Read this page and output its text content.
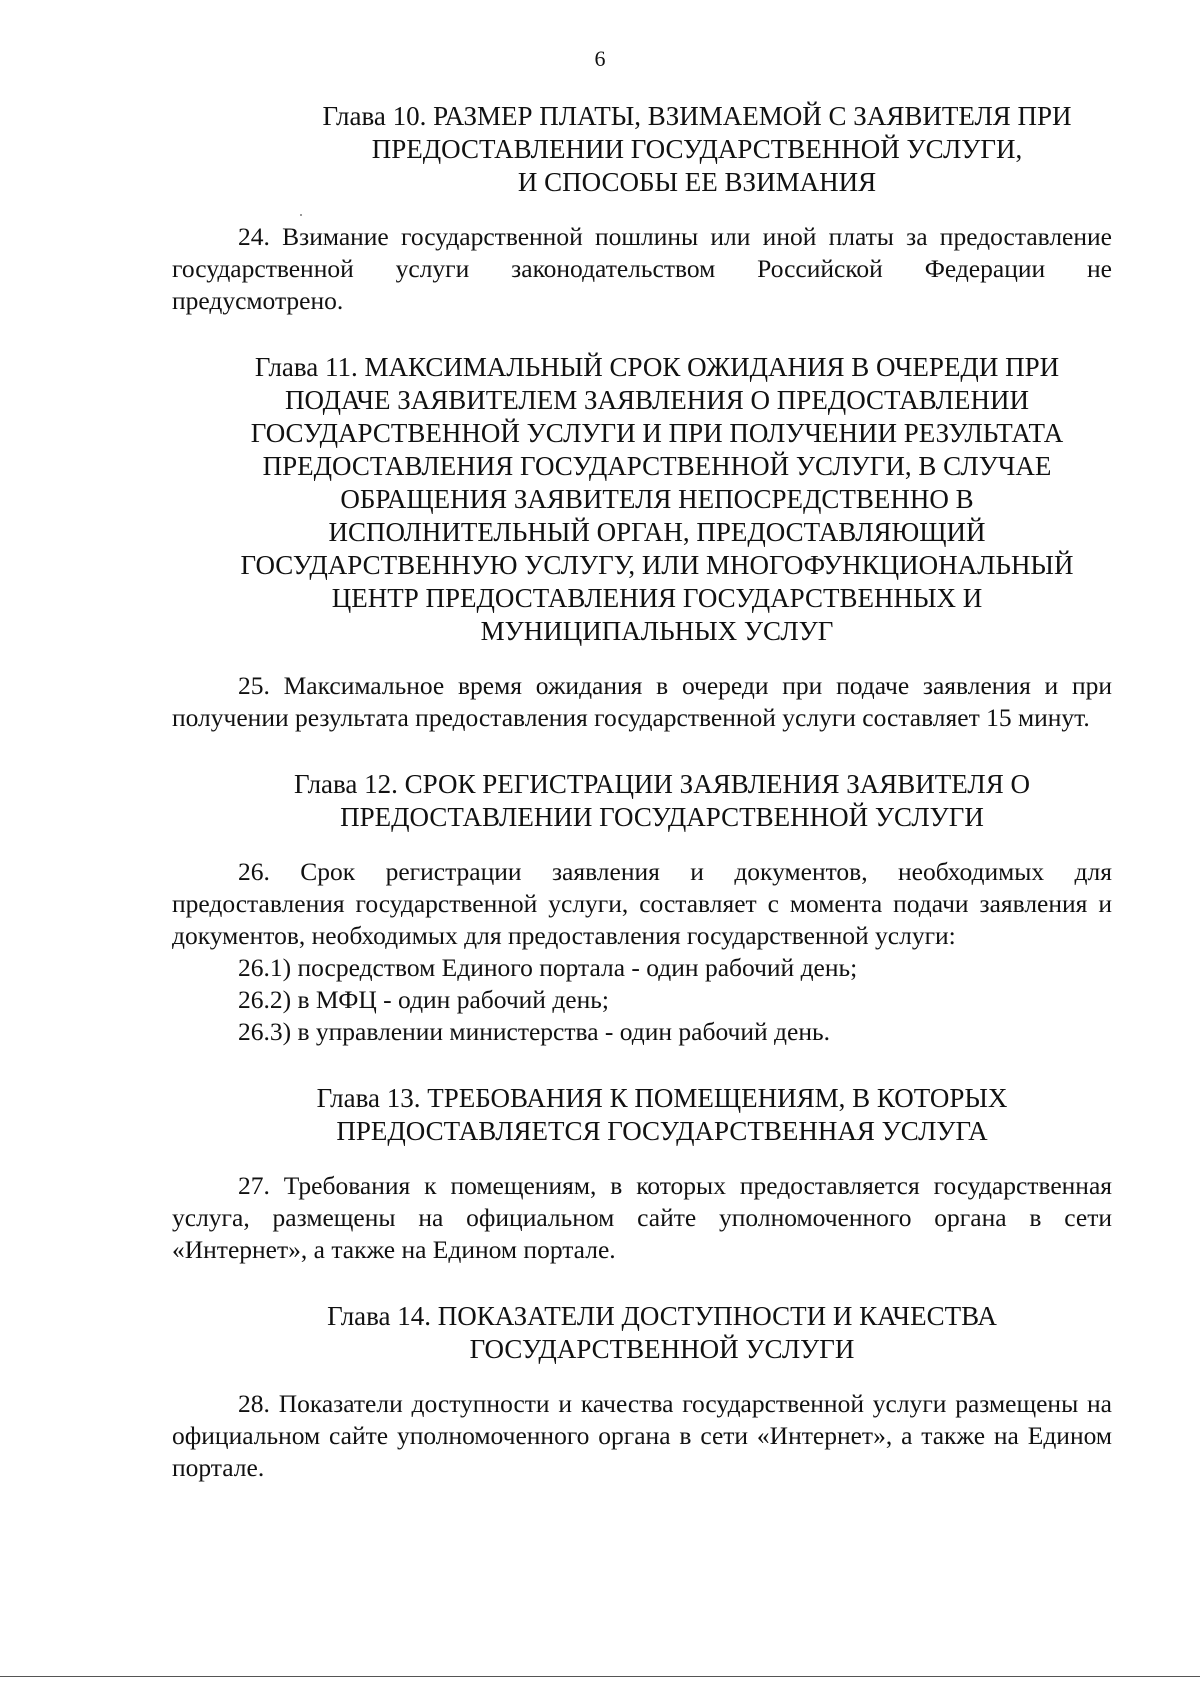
6
Глава 10. РАЗМЕР ПЛАТЫ, ВЗИМАЕМОЙ С ЗАЯВИТЕЛЯ ПРИ
ПРЕДОСТАВЛЕНИИ ГОСУДАРСТВЕННОЙ УСЛУГИ,
И СПОСОБЫ ЕЕ ВЗИМАНИЯ

24. Взимание государственной пошлины или иной платы за предоставление государственной услуги законодательством Российской Федерации не предусмотрено.

Глава 11. МАКСИМАЛЬНЫЙ СРОК ОЖИДАНИЯ В ОЧЕРЕДИ ПРИ
ПОДАЧЕ ЗАЯВИТЕЛЕМ ЗАЯВЛЕНИЯ О ПРЕДОСТАВЛЕНИИ
ГОСУДАРСТВЕННОЙ УСЛУГИ И ПРИ ПОЛУЧЕНИИ РЕЗУЛЬТАТА
ПРЕДОСТАВЛЕНИЯ ГОСУДАРСТВЕННОЙ УСЛУГИ, В СЛУЧАЕ
ОБРАЩЕНИЯ ЗАЯВИТЕЛЯ НЕПОСРЕДСТВЕННО В
ИСПОЛНИТЕЛЬНЫЙ ОРГАН, ПРЕДОСТАВЛЯЮЩИЙ
ГОСУДАРСТВЕННУЮ УСЛУГУ, ИЛИ МНОГОФУНКЦИОНАЛЬНЫЙ
ЦЕНТР ПРЕДОСТАВЛЕНИЯ ГОСУДАРСТВЕННЫХ И
МУНИЦИПАЛЬНЫХ УСЛУГ

25. Максимальное время ожидания в очереди при подаче заявления и при получении результата предоставления государственной услуги составляет 15 минут.

Глава 12. СРОК РЕГИСТРАЦИИ ЗАЯВЛЕНИЯ ЗАЯВИТЕЛЯ О
ПРЕДОСТАВЛЕНИИ ГОСУДАРСТВЕННОЙ УСЛУГИ

26. Срок регистрации заявления и документов, необходимых для предоставления государственной услуги, составляет с момента подачи заявления и документов, необходимых для предоставления государственной услуги:

26.1) посредством Единого портала - один рабочий день;

26.2) в МФЦ - один рабочий день;

26.3) в управлении министерства - один рабочий день.

Глава 13. ТРЕБОВАНИЯ К ПОМЕЩЕНИЯМ, В КОТОРЫХ
ПРЕДОСТАВЛЯЕТСЯ ГОСУДАРСТВЕННАЯ УСЛУГА

27. Требования к помещениям, в которых предоставляется государственная услуга, размещены на официальном сайте уполномоченного органа в сети «Интернет», а также на Едином портале.

Глава 14. ПОКАЗАТЕЛИ ДОСТУПНОСТИ И КАЧЕСТВА
ГОСУДАРСТВЕННОЙ УСЛУГИ

28. Показатели доступности и качества государственной услуги размещены на официальном сайте уполномоченного органа в сети «Интернет», а также на Едином портале.
